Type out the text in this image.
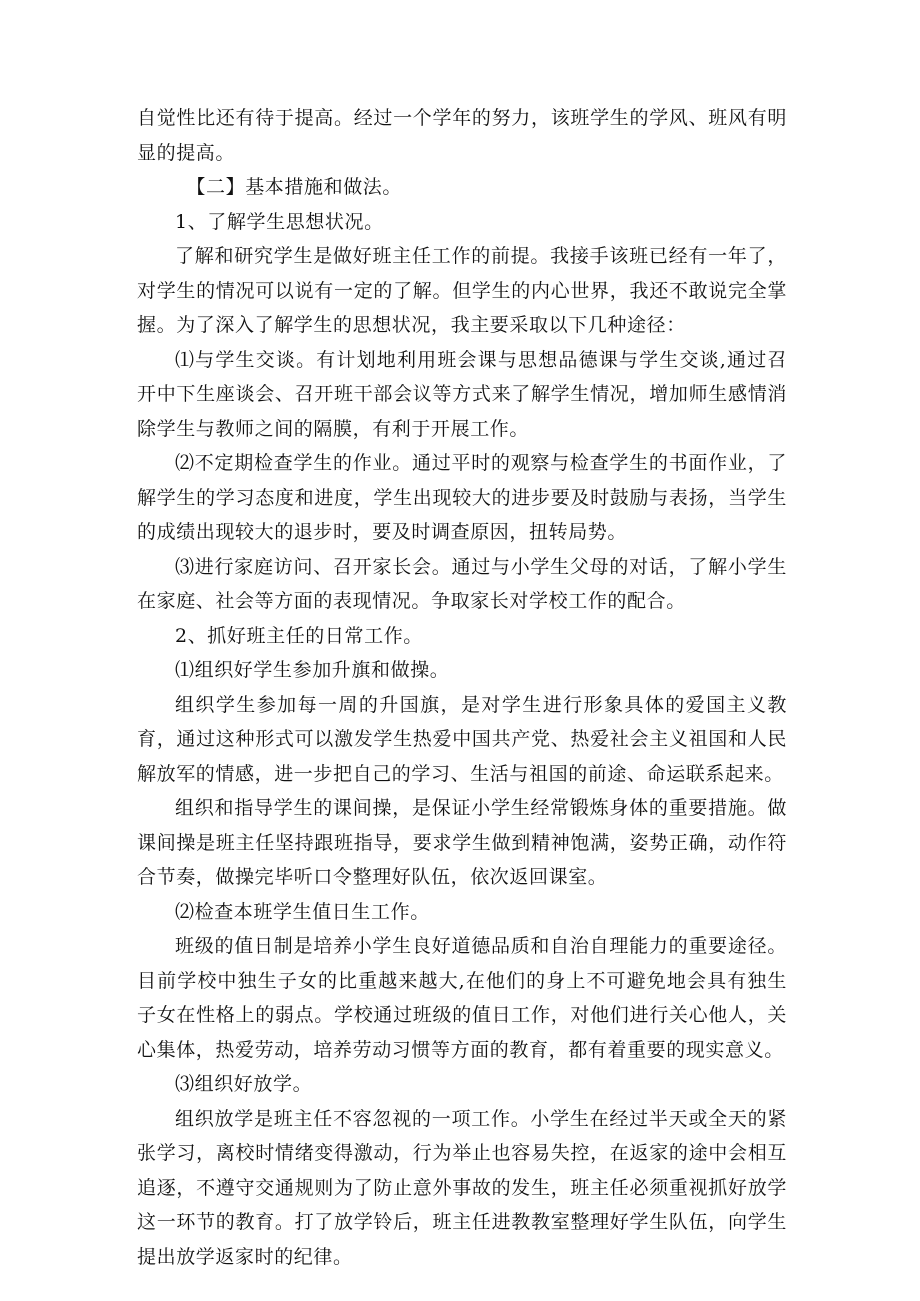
自觉性比还有待于提高。经过一个学年的努力，该班学生的学风、班风有明显的提高。

【二】基本措施和做法。

1、了解学生思想状况。

了解和研究学生是做好班主任工作的前提。我接手该班已经有一年了，对学生的情况可以说有一定的了解。但学生的内心世界，我还不敢说完全掌握。为了深入了解学生的思想状况，我主要采取以下几种途径：

⑴与学生交谈。有计划地利用班会课与思想品德课与学生交谈,通过召开中下生座谈会、召开班干部会议等方式来了解学生情况，增加师生感情消除学生与教师之间的隔膜，有利于开展工作。

⑵不定期检查学生的作业。通过平时的观察与检查学生的书面作业，了解学生的学习态度和进度，学生出现较大的进步要及时鼓励与表扬，当学生的成绩出现较大的退步时，要及时调查原因，扭转局势。

⑶进行家庭访问、召开家长会。通过与小学生父母的对话，了解小学生在家庭、社会等方面的表现情况。争取家长对学校工作的配合。

2、抓好班主任的日常工作。

⑴组织好学生参加升旗和做操。

组织学生参加每一周的升国旗，是对学生进行形象具体的爱国主义教育，通过这种形式可以激发学生热爱中国共产党、热爱社会主义祖国和人民解放军的情感，进一步把自己的学习、生活与祖国的前途、命运联系起来。

组织和指导学生的课间操，是保证小学生经常锻炼身体的重要措施。做课间操是班主任坚持跟班指导，要求学生做到精神饱满，姿势正确，动作符合节奏，做操完毕听口令整理好队伍，依次返回课室。

⑵检查本班学生值日生工作。

班级的值日制是培养小学生良好道德品质和自治自理能力的重要途径。目前学校中独生子女的比重越来越大,在他们的身上不可避免地会具有独生子女在性格上的弱点。学校通过班级的值日工作，对他们进行关心他人，关心集体，热爱劳动，培养劳动习惯等方面的教育，都有着重要的现实意义。

⑶组织好放学。

组织放学是班主任不容忽视的一项工作。小学生在经过半天或全天的紧张学习，离校时情绪变得激动，行为举止也容易失控，在返家的途中会相互追逐，不遵守交通规则为了防止意外事故的发生，班主任必须重视抓好放学这一环节的教育。打了放学铃后，班主任进教教室整理好学生队伍，向学生提出放学返家时的纪律。
